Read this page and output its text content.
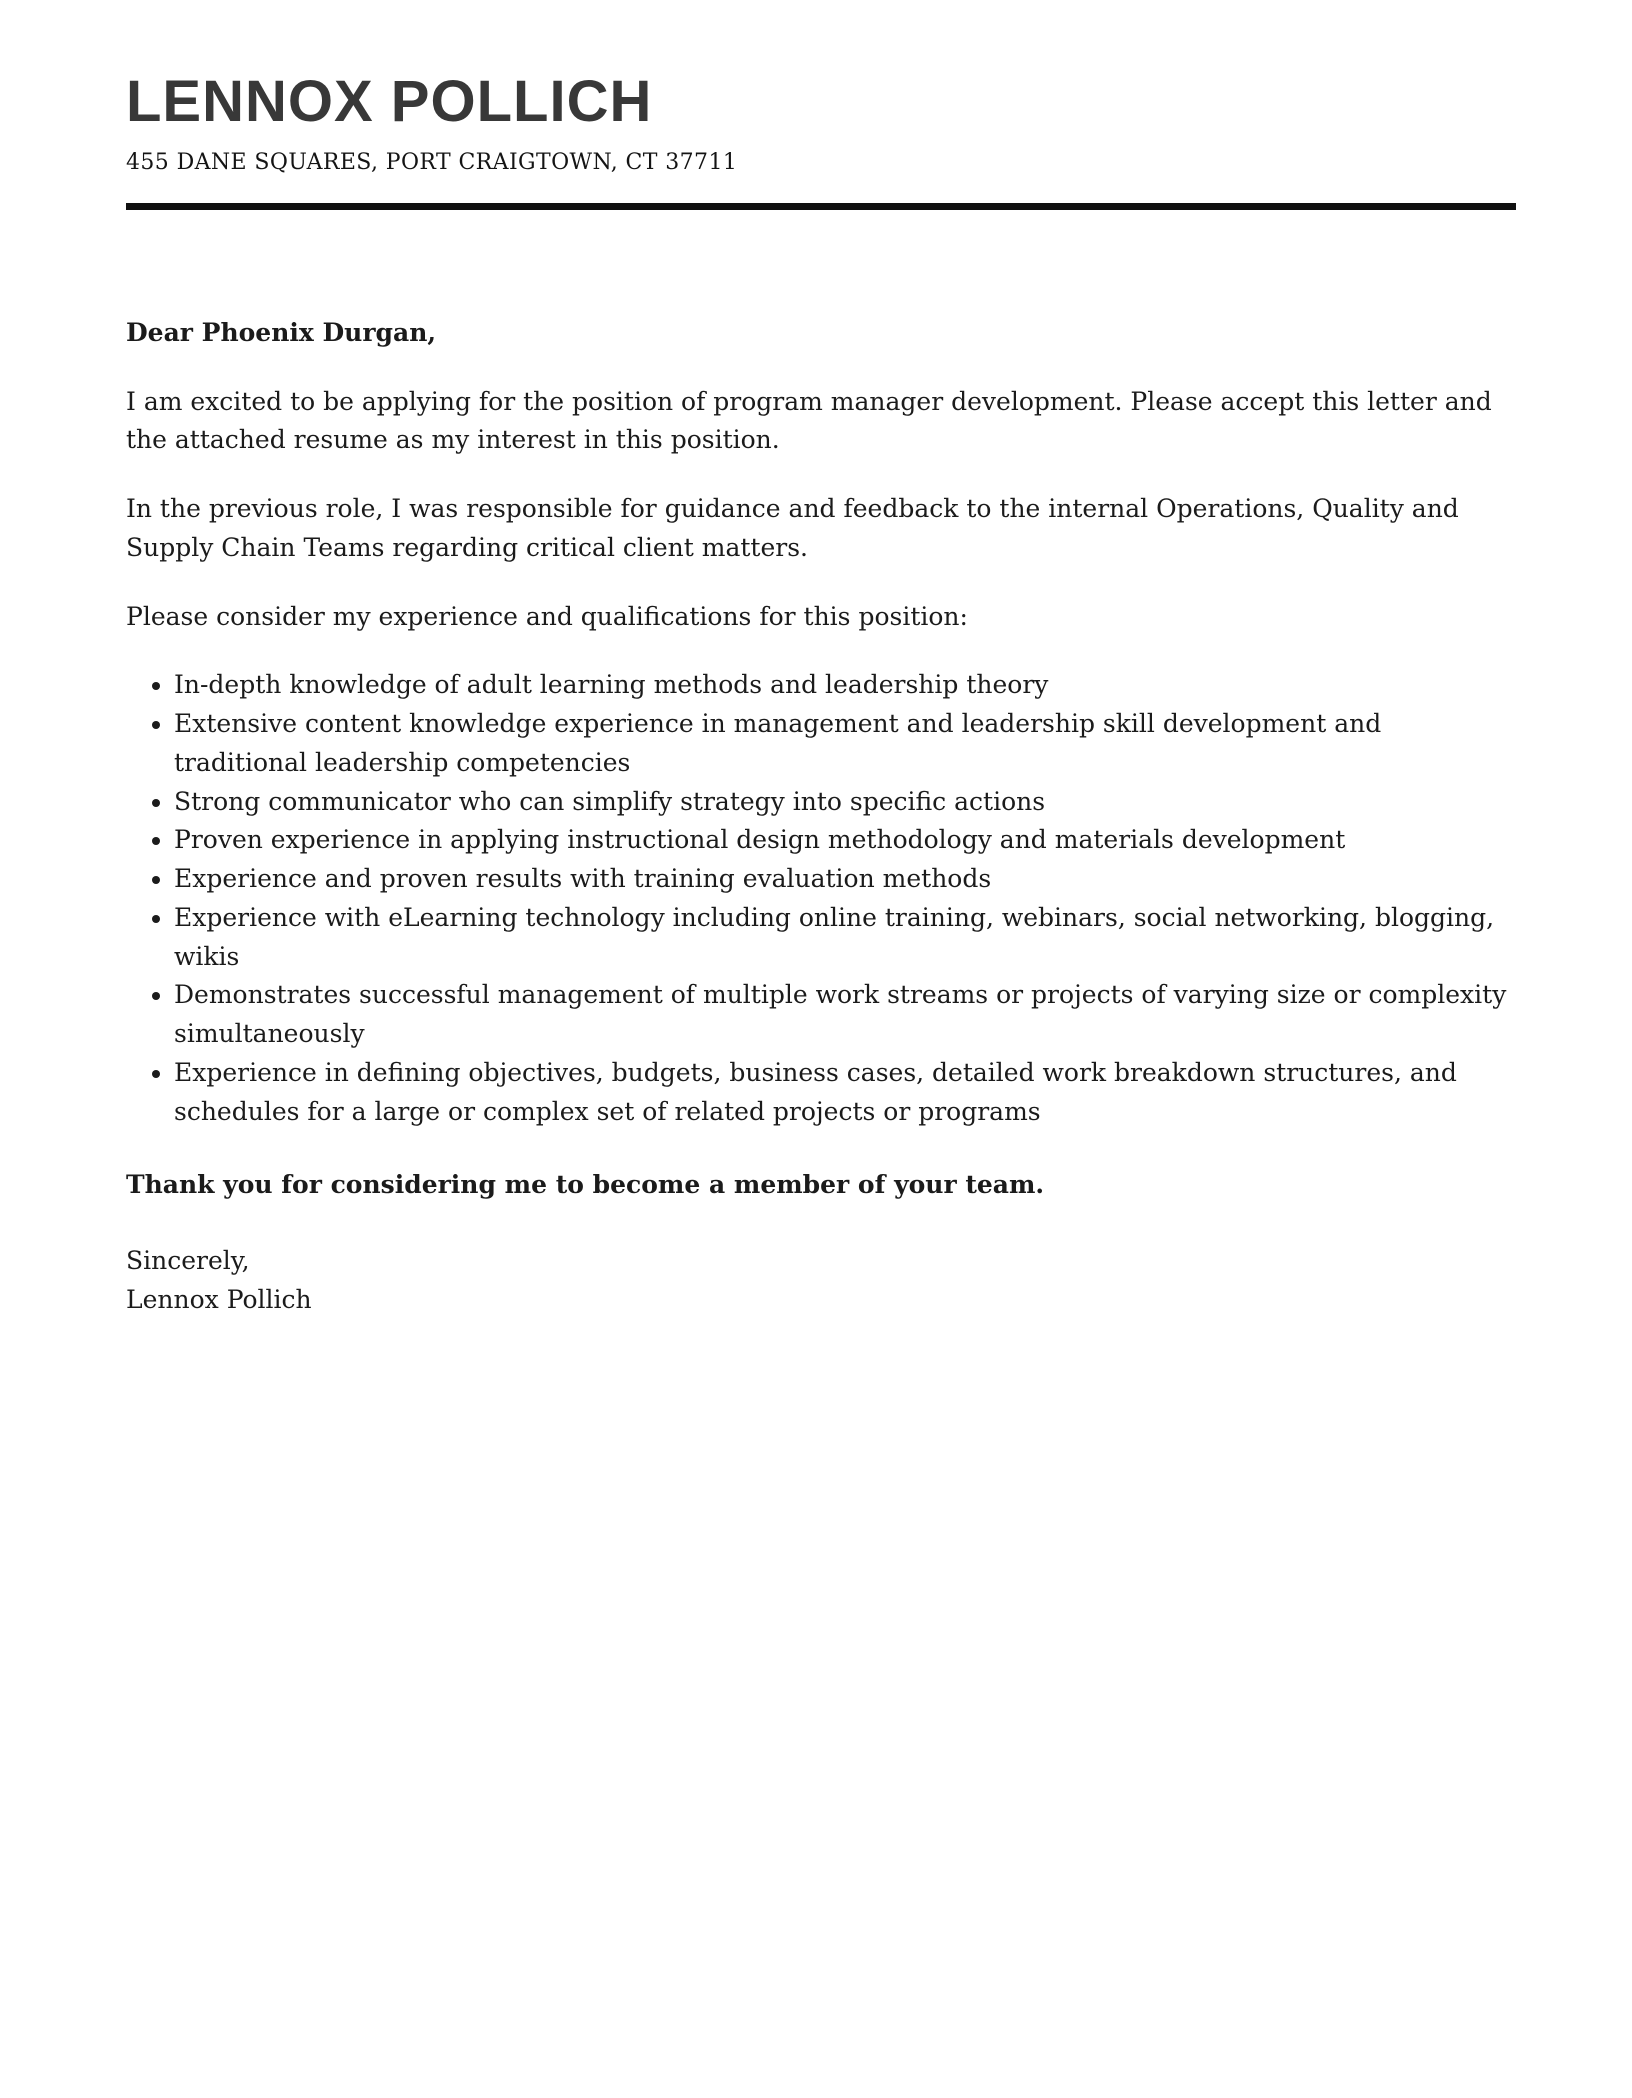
LENNOX POLLICH
455 DANE SQUARES, PORT CRAIGTOWN, CT 37711

Dear Phoenix Durgan,

I am excited to be applying for the position of program manager development. Please accept this letter and the attached resume as my interest in this position.

In the previous role, I was responsible for guidance and feedback to the internal Operations, Quality and Supply Chain Teams regarding critical client matters.

Please consider my experience and qualifications for this position:

• In-depth knowledge of adult learning methods and leadership theory
• Extensive content knowledge experience in management and leadership skill development and traditional leadership competencies
• Strong communicator who can simplify strategy into specific actions
• Proven experience in applying instructional design methodology and materials development
• Experience and proven results with training evaluation methods
• Experience with eLearning technology including online training, webinars, social networking, blogging, wikis
• Demonstrates successful management of multiple work streams or projects of varying size or complexity simultaneously
• Experience in defining objectives, budgets, business cases, detailed work breakdown structures, and schedules for a large or complex set of related projects or programs

Thank you for considering me to become a member of your team.

Sincerely,
Lennox Pollich
